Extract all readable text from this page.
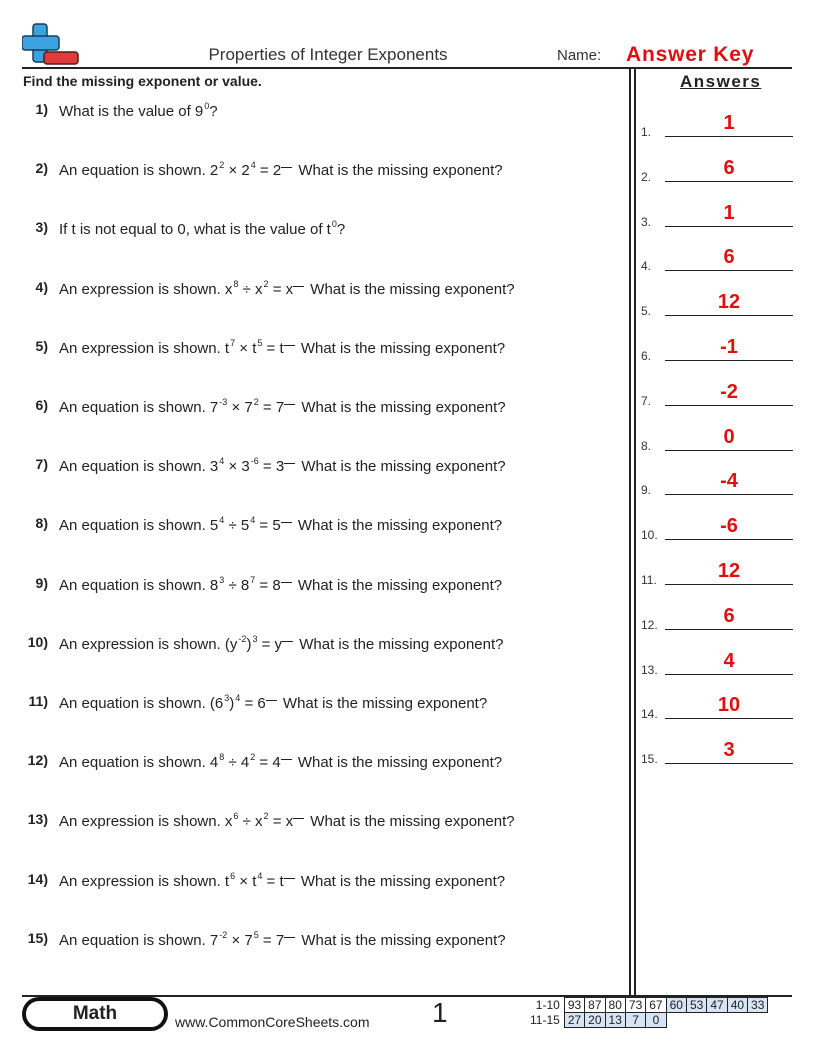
Properties of Integer Exponents	Name: Answer Key
Find the missing exponent or value.	Answers
1) What is the value of $9^0$?
2) An equation is shown. $2^2 \times 2^4 = 2$ What is the missing exponent?
3) If t is not equal to 0, what is the value of $t^0$?
4) An expression is shown. $x^8 \div x^2 = x$ What is the missing exponent?
5) An expression is shown. $t^7 \times t^5 = t$ What is the missing exponent?
6) An equation is shown. $7^{-3} \times 7^2 = 7$ What is the missing exponent?
7) An equation is shown. $3^4 \times 3^{-6} = 3$ What is the missing exponent?
8) An equation is shown. $5^4 \div 5^4 = 5$ What is the missing exponent?
9) An equation is shown. $8^3 \div 8^7 = 8$ What is the missing exponent?
10) An expression is shown. $(y^{-2})^3 = y$ What is the missing exponent?
11) An equation is shown. $(6^3)^4 = 6$ What is the missing exponent?
12) An equation is shown. $4^8 \div 4^2 = 4$ What is the missing exponent?
13) An expression is shown. $x^6 \div x^2 = x$ What is the missing exponent?
14) An expression is shown. $t^6 \times t^4 = t$ What is the missing exponent?
15) An equation is shown. $7^{-2} \times 7^5 = 7$ What is the missing exponent?
1.	1
2.	6
3.	1
4.	6
5.	12
6.	-1
7.	-2
8.	0
9.	-4
10.	-6
11.	12
12.	6
13.	4
14.	10
15.	3
Math	www.CommonCoreSheets.com 1	1-10	93	87	80	73	67	60	53	47	40	33
11-15	27	20	13	7	0					
